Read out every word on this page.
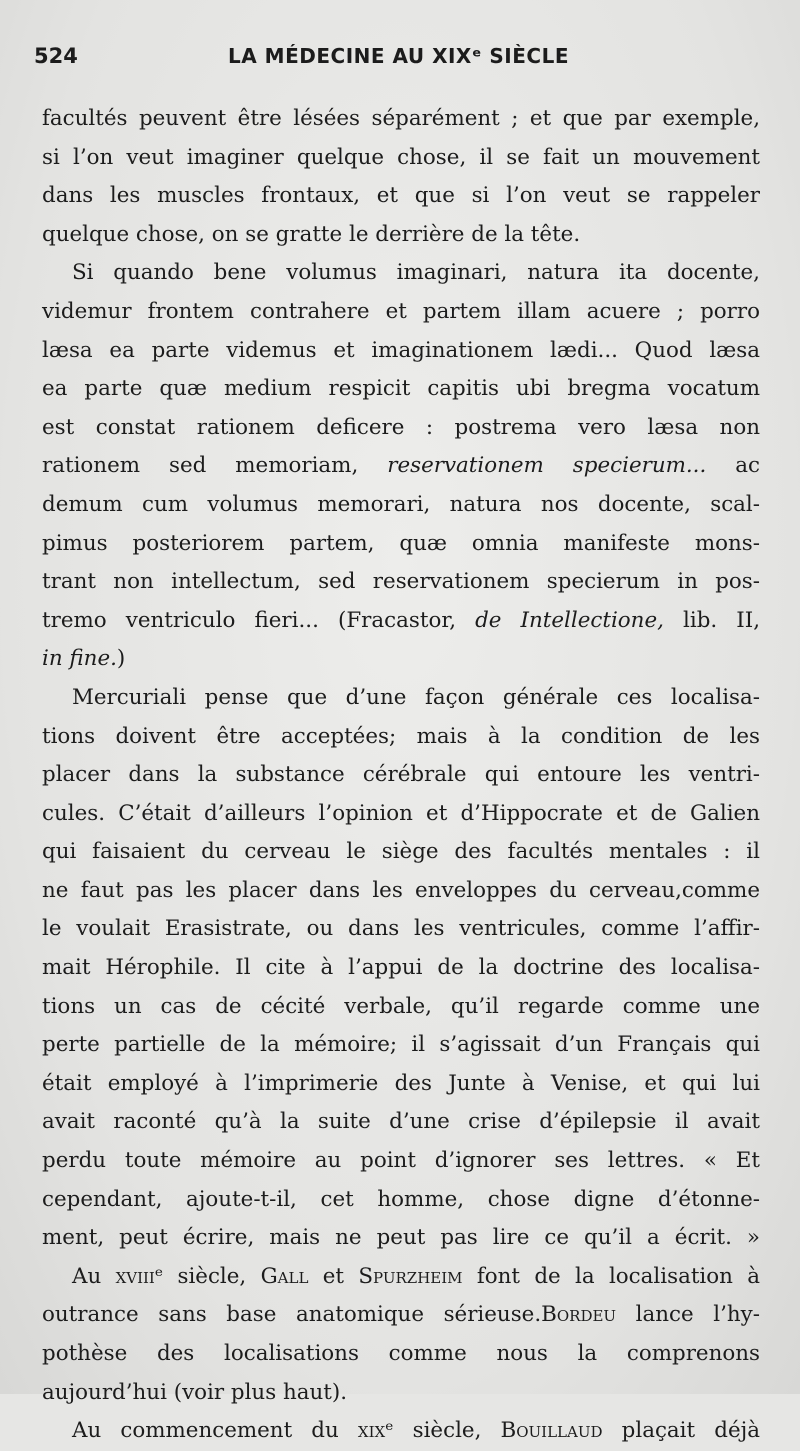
524	LA MÉDECINE AU XIXᵉ SIÈCLE
facultés peuvent être lésées séparément ; et que par exemple,
si l’on veut imaginer quelque chose, il se fait un mouvement
dans les muscles frontaux, et que si l’on veut se rappeler
quelque chose, on se gratte le derrière de la tête.
Si quando bene volumus imaginari, natura ita docente,
videmur frontem contrahere et partem illam acuere ; porro
læsa ea parte videmus et imaginationem lædi... Quod læsa
ea parte quæ medium respicit capitis ubi bregma vocatum
est constat rationem deficere : postrema vero læsa non
rationem sed memoriam, reservationem specierum... ac
demum cum volumus memorari, natura nos docente, scal-
pimus posteriorem partem, quæ omnia manifeste mons-
trant non intellectum, sed reservationem specierum in pos-
tremo ventriculo fieri... (Fracastor, de Intellectione, lib. II,
in fine.)
Mercuriali pense que d’une façon générale ces localisa-
tions doivent être acceptées; mais à la condition de les
placer dans la substance cérébrale qui entoure les ventri-
cules. C’était d’ailleurs l’opinion et d’Hippocrate et de Galien
qui faisaient du cerveau le siège des facultés mentales : il
ne faut pas les placer dans les enveloppes du cerveau,comme
le voulait Erasistrate, ou dans les ventricules, comme l’affir-
mait Hérophile. Il cite à l’appui de la doctrine des localisa-
tions un cas de cécité verbale, qu’il regarde comme une
perte partielle de la mémoire; il s’agissait d’un Français qui
était employé à l’imprimerie des Junte à Venise, et qui lui
avait raconté qu’à la suite d’une crise d’épilepsie il avait
perdu toute mémoire au point d’ignorer ses lettres. « Et
cependant, ajoute-t-il, cet homme, chose digne d’étonne-
ment, peut écrire, mais ne peut pas lire ce qu’il a écrit. »
Au xviiiᵉ siècle, Gall et Spurzheim font de la localisation à
outrance sans base anatomique sérieuse.Bordeu lance l’hy-
pothèse des localisations comme nous la comprenons
aujourd’hui (voir plus haut).
Au commencement du xixᵉ siècle, Bouillaud plaçait déjà
